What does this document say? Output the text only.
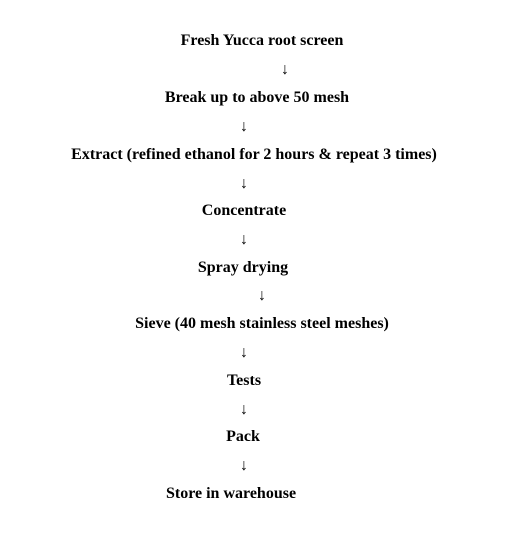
Fresh Yucca root screen
↓
Break up to above 50 mesh
↓
Extract (refined ethanol for 2 hours & repeat 3 times)
↓
Concentrate
↓
Spray drying
↓
Sieve (40 mesh stainless steel meshes)
↓
Tests
↓
Pack
↓
Store in warehouse
